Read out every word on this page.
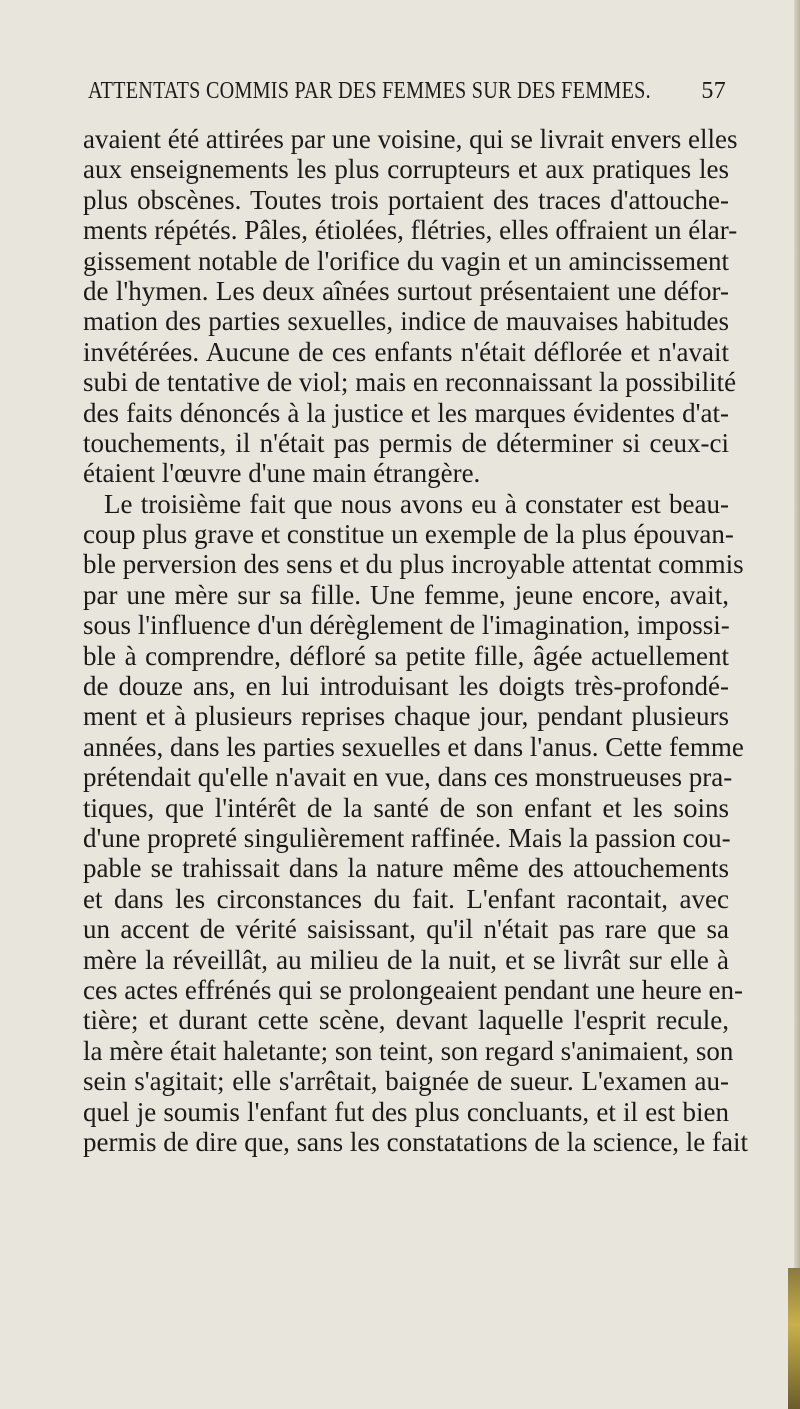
ATTENTATS COMMIS PAR DES FEMMES SUR DES FEMMES. 57
avaient été attirées par une voisine, qui se livrait envers elles
aux enseignements les plus corrupteurs et aux pratiques les
plus obscènes. Toutes trois portaient des traces d'attouche-
ments répétés. Pâles, étiolées, flétries, elles offraient un élar-
gissement notable de l'orifice du vagin et un amincissement
de l'hymen. Les deux aînées surtout présentaient une défor-
mation des parties sexuelles, indice de mauvaises habitudes
invétérées. Aucune de ces enfants n'était déflorée et n'avait
subi de tentative de viol; mais en reconnaissant la possibilité
des faits dénoncés à la justice et les marques évidentes d'at-
touchements, il n'était pas permis de déterminer si ceux-ci
étaient l'œuvre d'une main étrangère.
Le troisième fait que nous avons eu à constater est beau-
coup plus grave et constitue un exemple de la plus épouvan-
ble perversion des sens et du plus incroyable attentat commis
par une mère sur sa fille. Une femme, jeune encore, avait,
sous l'influence d'un dérèglement de l'imagination, impossi-
ble à comprendre, défloré sa petite fille, âgée actuellement
de douze ans, en lui introduisant les doigts très-profondé-
ment et à plusieurs reprises chaque jour, pendant plusieurs
années, dans les parties sexuelles et dans l'anus. Cette femme
prétendait qu'elle n'avait en vue, dans ces monstrueuses pra-
tiques, que l'intérêt de la santé de son enfant et les soins
d'une propreté singulièrement raffinée. Mais la passion cou-
pable se trahissait dans la nature même des attouchements
et dans les circonstances du fait. L'enfant racontait, avec
un accent de vérité saisissant, qu'il n'était pas rare que sa
mère la réveillât, au milieu de la nuit, et se livrât sur elle à
ces actes effrénés qui se prolongeaient pendant une heure en-
tière; et durant cette scène, devant laquelle l'esprit recule,
la mère était haletante; son teint, son regard s'animaient, son
sein s'agitait; elle s'arrêtait, baignée de sueur. L'examen au-
quel je soumis l'enfant fut des plus concluants, et il est bien
permis de dire que, sans les constatations de la science, le fait
